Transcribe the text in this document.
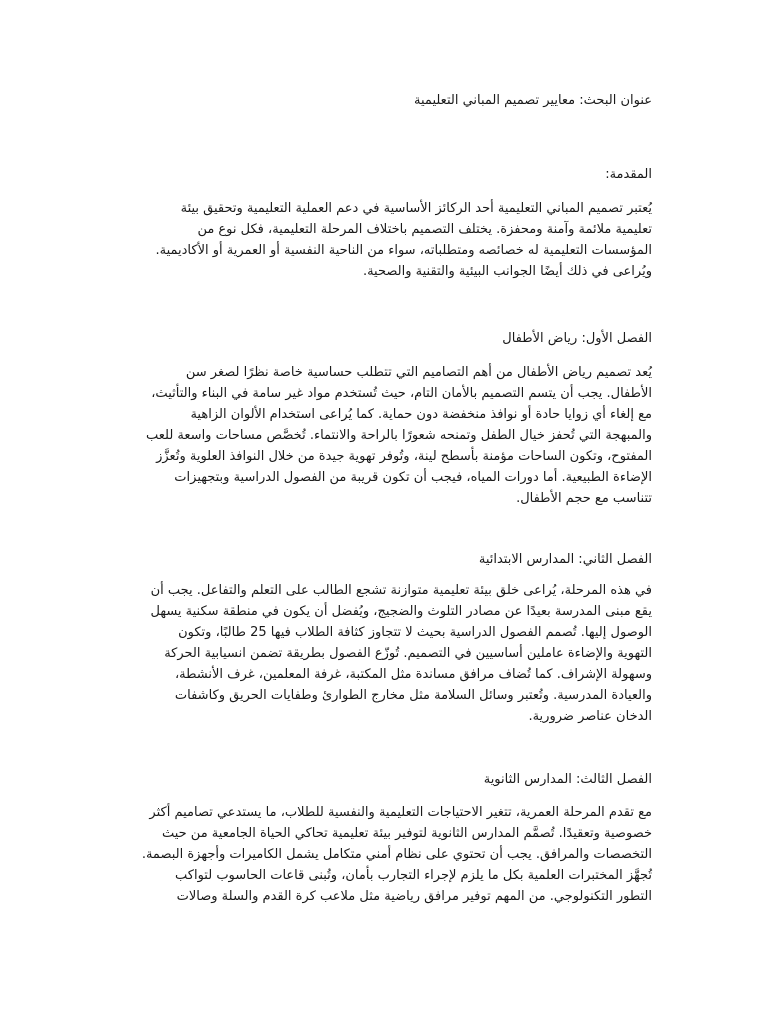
عنوان البحث: معايير تصميم المباني التعليمية
المقدمة:
يُعتبر تصميم المباني التعليمية أحد الركائز الأساسية في دعم العملية التعليمية وتحقيق بيئة
تعليمية ملائمة وآمنة ومحفزة. يختلف التصميم باختلاف المرحلة التعليمية، فكل نوع من
المؤسسات التعليمية له خصائصه ومتطلباته، سواء من الناحية النفسية أو العمرية أو الأكاديمية.
ويُراعى في ذلك أيضًا الجوانب البيئية والتقنية والصحية.
الفصل الأول: رياض الأطفال
يُعد تصميم رياض الأطفال من أهم التصاميم التي تتطلب حساسية خاصة نظرًا لصغر سن
الأطفال. يجب أن يتسم التصميم بالأمان التام، حيث تُستخدم مواد غير سامة في البناء والتأثيث،
مع إلغاء أي زوايا حادة أو نوافذ منخفضة دون حماية. كما يُراعى استخدام الألوان الزاهية
والمبهجة التي تُحفز خيال الطفل وتمنحه شعورًا بالراحة والانتماء. تُخصَّص مساحات واسعة للعب
المفتوح، وتكون الساحات مؤمنة بأسطح لينة، وتُوفر تهوية جيدة من خلال النوافذ العلوية وتُعزَّز
الإضاءة الطبيعية. أما دورات المياه، فيجب أن تكون قريبة من الفصول الدراسية وبتجهيزات
تتناسب مع حجم الأطفال.
الفصل الثاني: المدارس الابتدائية
في هذه المرحلة، يُراعى خلق بيئة تعليمية متوازنة تشجع الطالب على التعلم والتفاعل. يجب أن
يقع مبنى المدرسة بعيدًا عن مصادر التلوث والضجيج، ويُفضل أن يكون في منطقة سكنية يسهل
الوصول إليها. تُصمم الفصول الدراسية بحيث لا تتجاوز كثافة الطلاب فيها 25 طالبًا، وتكون
التهوية والإضاءة عاملين أساسيين في التصميم. تُوزّع الفصول بطريقة تضمن انسيابية الحركة
وسهولة الإشراف. كما تُضاف مرافق مساندة مثل المكتبة، غرفة المعلمين، غرف الأنشطة،
والعيادة المدرسية. وتُعتبر وسائل السلامة مثل مخارج الطوارئ وطفايات الحريق وكاشفات
الدخان عناصر ضرورية.
الفصل الثالث: المدارس الثانوية
مع تقدم المرحلة العمرية، تتغير الاحتياجات التعليمية والنفسية للطلاب، ما يستدعي تصاميم أكثر
خصوصية وتعقيدًا. تُصمَّم المدارس الثانوية لتوفير بيئة تعليمية تحاكي الحياة الجامعية من حيث
التخصصات والمرافق. يجب أن تحتوي على نظام أمني متكامل يشمل الكاميرات وأجهزة البصمة.
تُجهَّز المختبرات العلمية بكل ما يلزم لإجراء التجارب بأمان، وتُبنى قاعات الحاسوب لتواكب
التطور التكنولوجي. من المهم توفير مرافق رياضية مثل ملاعب كرة القدم والسلة وصالات
